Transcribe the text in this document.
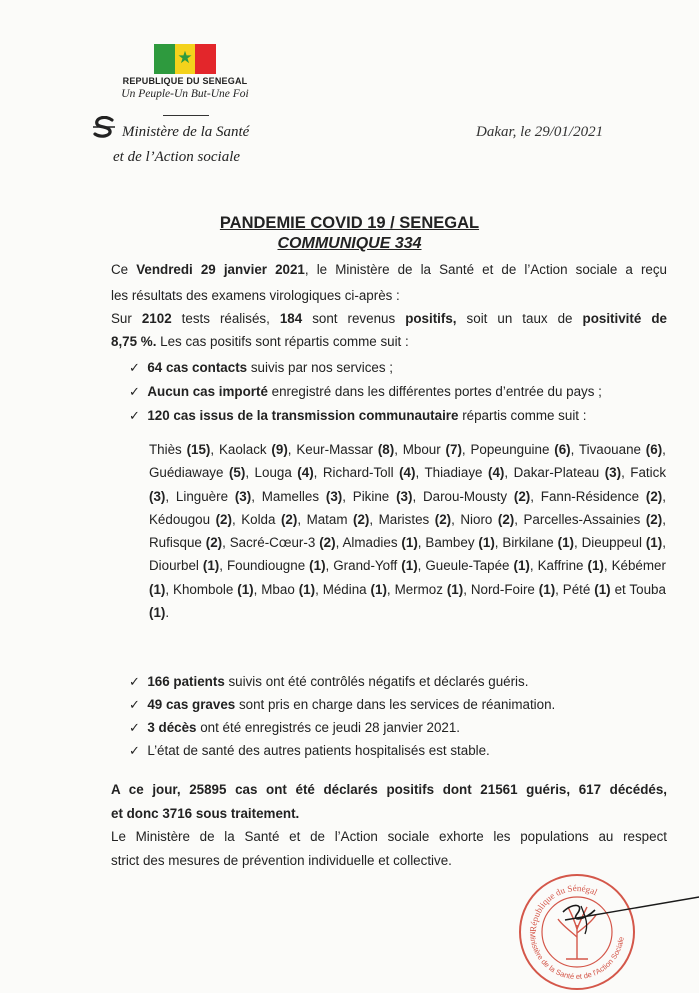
★
REPUBLIQUE DU SENEGAL
Un Peuple-Un But-Une Foi
Ministère de la Santé
et de l’Action sociale
Dakar, le 29/01/2021
PANDEMIE COVID 19 / SENEGAL
COMMUNIQUE 334
Ce Vendredi 29 janvier 2021, le Ministère de la Santé et de l’Action sociale a reçu
les résultats des examens virologiques ci-après :
Sur 2102 tests réalisés, 184 sont revenus positifs, soit un taux de positivité de
8,75 %. Les cas positifs sont répartis comme suit :
✓ 64 cas contacts suivis par nos services ;
✓ Aucun cas importé enregistré dans les différentes portes d’entrée du pays ;
✓ 120 cas issus de la transmission communautaire répartis comme suit :
Thiès (15), Kaolack (9), Keur-Massar (8), Mbour (7), Popeunguine (6), Tivaouane (6), Guédiawaye (5), Louga (4), Richard-Toll (4), Thiadiaye (4), Dakar-Plateau (3), Fatick (3), Linguère (3), Mamelles (3), Pikine (3), Darou-Mousty (2), Fann-Résidence (2), Kédougou (2), Kolda (2), Matam (2), Maristes (2), Nioro (2), Parcelles-Assainies (2), Rufisque (2), Sacré-Cœur-3 (2), Almadies (1), Bambey (1), Birkilane (1), Dieuppeul (1), Diourbel (1), Foundiougne (1), Grand-Yoff (1), Gueule-Tapée (1), Kaffrine (1), Kébémer (1), Khombole (1), Mbao (1), Médina (1), Mermoz (1), Nord-Foire (1), Pété (1) et Touba (1).
✓ 166 patients suivis ont été contrôlés négatifs et déclarés guéris.
✓ 49 cas graves sont pris en charge dans les services de réanimation.
✓ 3 décès ont été enregistrés ce jeudi 28 janvier 2021.
✓ L’état de santé des autres patients hospitalisés est stable.
A ce jour, 25895 cas ont été déclarés positifs dont 21561 guéris, 617 décédés,
et donc 3716 sous traitement.
Le Ministère de la Santé et de l’Action sociale exhorte les populations au respect
strict des mesures de prévention individuelle et collective.
République du Sénégal
Ministère de la Santé et de l'Action Sociale
